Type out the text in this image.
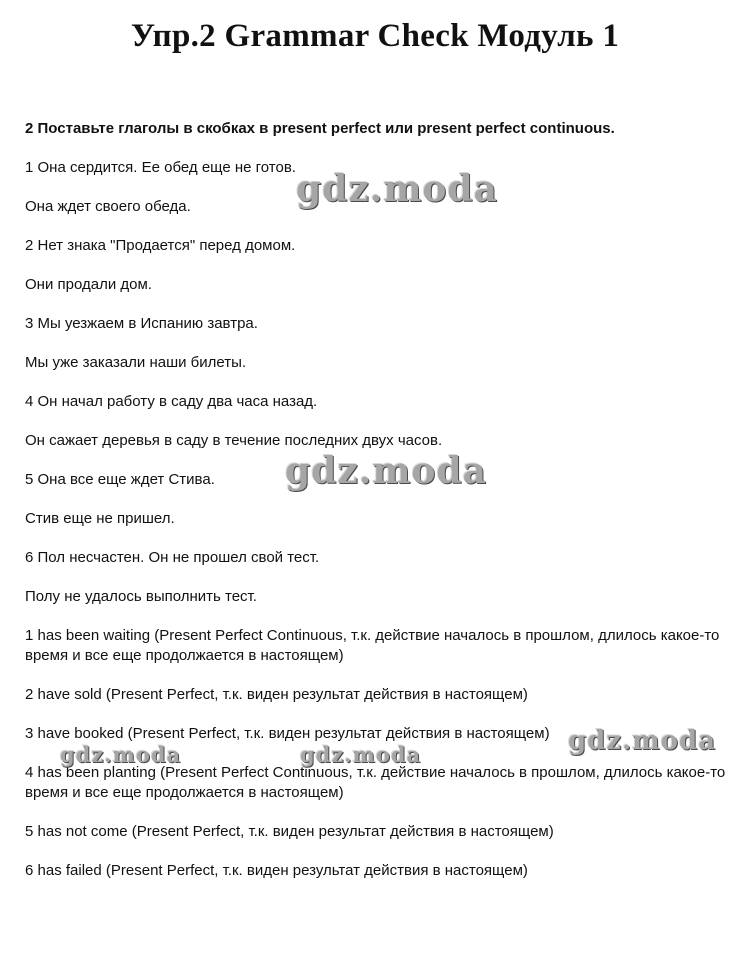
Упр.2 Grammar Check Модуль 1
2 Поставьте глаголы в скобках в present perfect или present perfect continuous.
1 Она сердится. Ее обед еще не готов.
Она ждет своего обеда.
2 Нет знака "Продается" перед домом.
Они продали дом.
3 Мы уезжаем в Испанию завтра.
Мы уже заказали наши билеты.
4 Он начал работу в саду два часа назад.
Он сажает деревья в саду в течение последних двух часов.
5 Она все еще ждет Стива.
Стив еще не пришел.
6 Пол несчастен. Он не прошел свой тест.
Полу не удалось выполнить тест.
1 has been waiting (Present Perfect Continuous, т.к. действие началось в прошлом, длилось какое-то время и все еще продолжается в настоящем)
2 have sold (Present Perfect, т.к. виден результат действия в настоящем)
3 have booked (Present Perfect, т.к. виден результат действия в настоящем)
4 has been planting (Present Perfect Continuous, т.к. действие началось в прошлом, длилось какое-то время и все еще продолжается в настоящем)
5 has not come (Present Perfect, т.к. виден результат действия в настоящем)
6 has failed (Present Perfect, т.к. виден результат действия в настоящем)
gdz.moda
gdz.moda
gdz.moda
gdz.moda	gdz.moda
